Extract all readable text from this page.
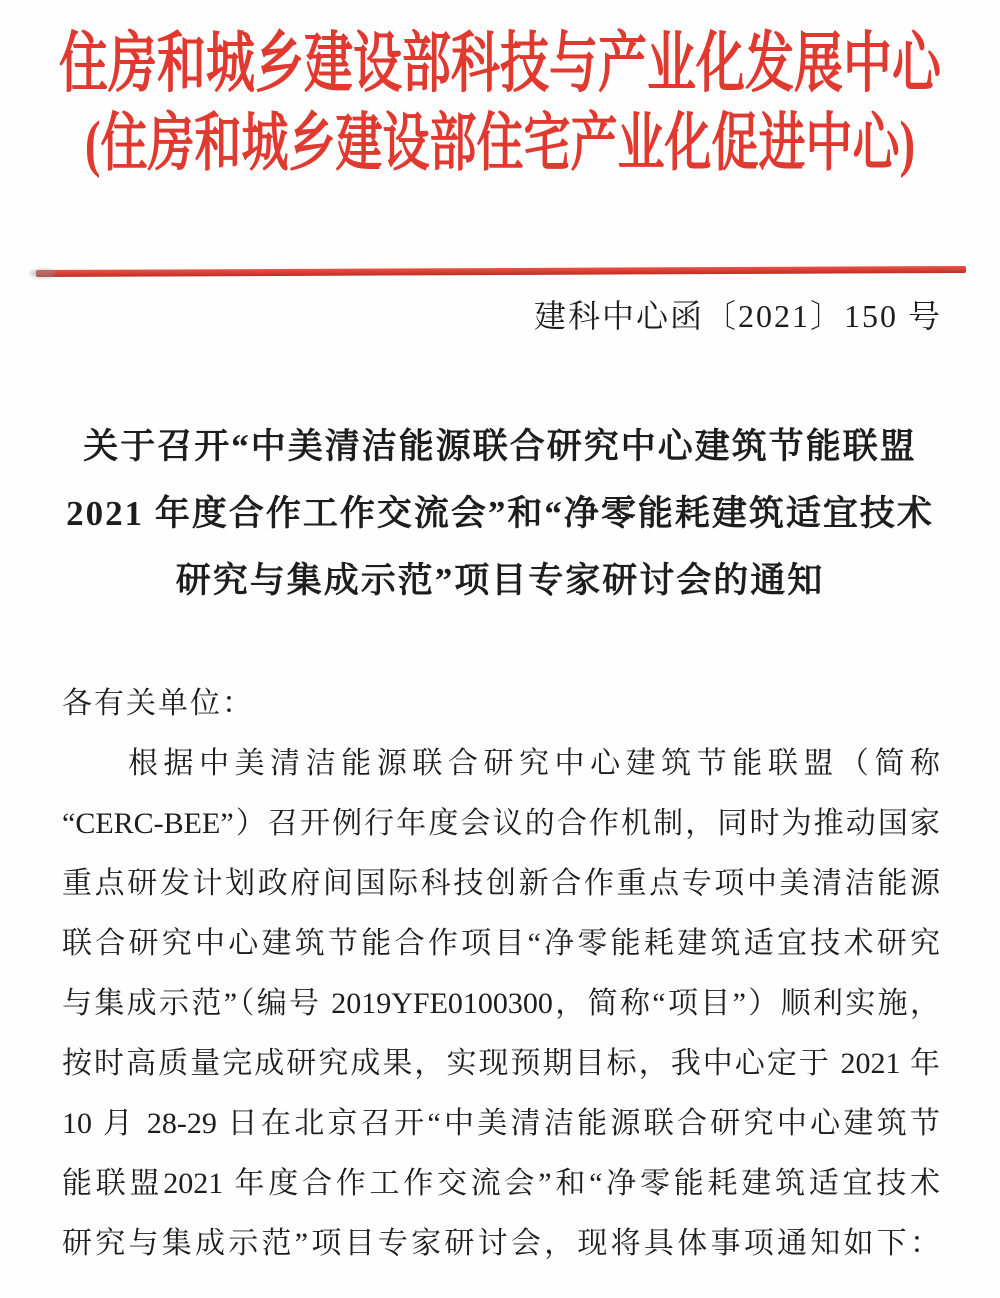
住房和城乡建设部科技与产业化发展中心
(住房和城乡建设部住宅产业化促进中心)
建科中心函〔2021〕150 号
关于召开“中美清洁能源联合研究中心建筑节能联盟
2021 年度合作工作交流会”和“净零能耗建筑适宜技术
研究与集成示范”项目专家研讨会的通知
各有关单位：
根据中美清洁能源联合研究中心建筑节能联盟（简称
“CERC-BEE”）召开例行年度会议的合作机制，同时为推动国家
重点研发计划政府间国际科技创新合作重点专项中美清洁能源
联合研究中心建筑节能合作项目“净零能耗建筑适宜技术研究
与集成示范”（编号 2019YFE0100300，简称“项目”）顺利实施，
按时高质量完成研究成果，实现预期目标，我中心定于 2021 年
10 月 28-29 日在北京召开“中美清洁能源联合研究中心建筑节
能联盟2021 年度合作工作交流会”和“净零能耗建筑适宜技术
研究与集成示范”项目专家研讨会，现将具体事项通知如下：
